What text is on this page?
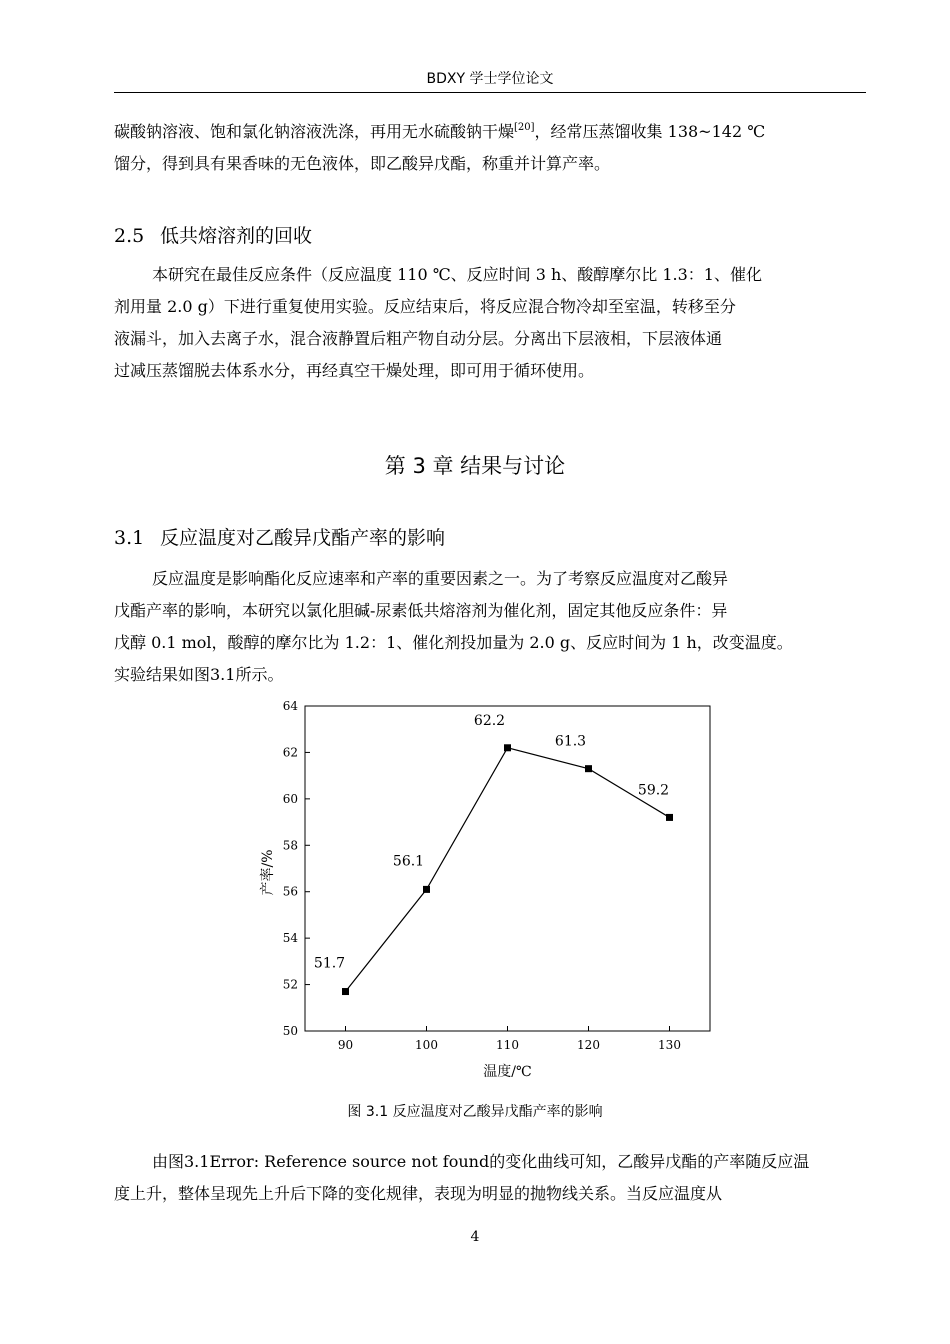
BDXY 学士学位论文

碳酸钠溶液、饱和氯化钠溶液洗涤，再用无水硫酸钠干燥[20]，经常压蒸馏收集 138~142 ℃
馏分，得到具有果香味的无色液体，即乙酸异戊酯，称重并计算产率。

2.5 低共熔溶剂的回收

本研究在最佳反应条件（反应温度 110 ℃、反应时间 3 h、酸醇摩尔比 1.3：1、催化
剂用量 2.0 g）下进行重复使用实验。反应结束后，将反应混合物冷却至室温，转移至分
液漏斗，加入去离子水，混合液静置后粗产物自动分层。分离出下层液相，下层液体通
过减压蒸馏脱去体系水分，再经真空干燥处理，即可用于循环使用。

第 3 章 结果与讨论
3.1 反应温度对乙酸异戊酯产率的影响

反应温度是影响酯化反应速率和产率的重要因素之一。为了考察反应温度对乙酸异
戊酯产率的影响，本研究以氯化胆碱-尿素低共熔溶剂为催化剂，固定其他反应条件：异
戊醇 0.1 mol，酸醇的摩尔比为 1.2：1、催化剂投加量为 2.0 g、反应时间为 1 h，改变温度。
实验结果如图3.1所示。

50
52
54
56
58
60
62
64
90	100	110	120	130
51.7
56.1
62.2
61.3
59.2
温度/℃
产率/%
图 3.1 反应温度对乙酸异戊酯产率的影响

由图3.1Error: Reference source not found的变化曲线可知，乙酸异戊酯的产率随反应温
度上升，整体呈现先上升后下降的变化规律，表现为明显的抛物线关系。当反应温度从

4
